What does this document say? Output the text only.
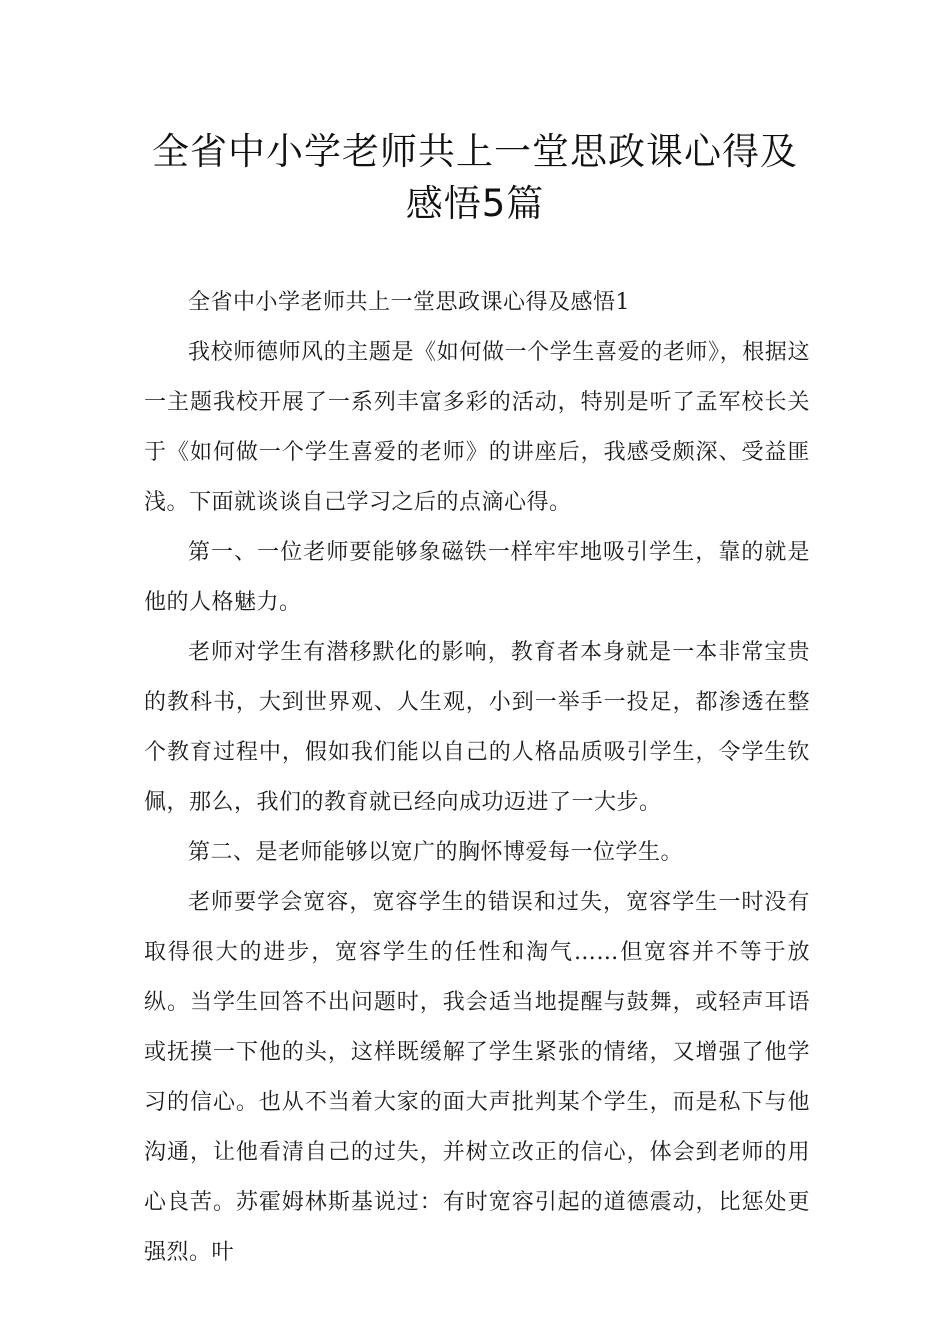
全省中小学老师共上一堂思政课心得及
感悟5篇

全省中小学老师共上一堂思政课心得及感悟1

我校师德师风的主题是《如何做一个学生喜爱的老师》，根据这一主题我校开展了一系列丰富多彩的活动，特别是听了孟军校长关于《如何做一个学生喜爱的老师》的讲座后，我感受颇深、受益匪浅。下面就谈谈自己学习之后的点滴心得。

第一、一位老师要能够象磁铁一样牢牢地吸引学生，靠的就是他的人格魅力。

老师对学生有潜移默化的影响，教育者本身就是一本非常宝贵的教科书，大到世界观、人生观，小到一举手一投足，都渗透在整个教育过程中，假如我们能以自己的人格品质吸引学生，令学生钦佩，那么，我们的教育就已经向成功迈进了一大步。

第二、是老师能够以宽广的胸怀博爱每一位学生。

老师要学会宽容，宽容学生的错误和过失，宽容学生一时没有取得很大的进步，宽容学生的任性和淘气……但宽容并不等于放纵。当学生回答不出问题时，我会适当地提醒与鼓舞，或轻声耳语或抚摸一下他的头，这样既缓解了学生紧张的情绪，又增强了他学习的信心。也从不当着大家的面大声批判某个学生，而是私下与他沟通，让他看清自己的过失，并树立改正的信心，体会到老师的用心良苦。苏霍姆林斯基说过：有时宽容引起的道德震动，比惩处更强烈。叶
